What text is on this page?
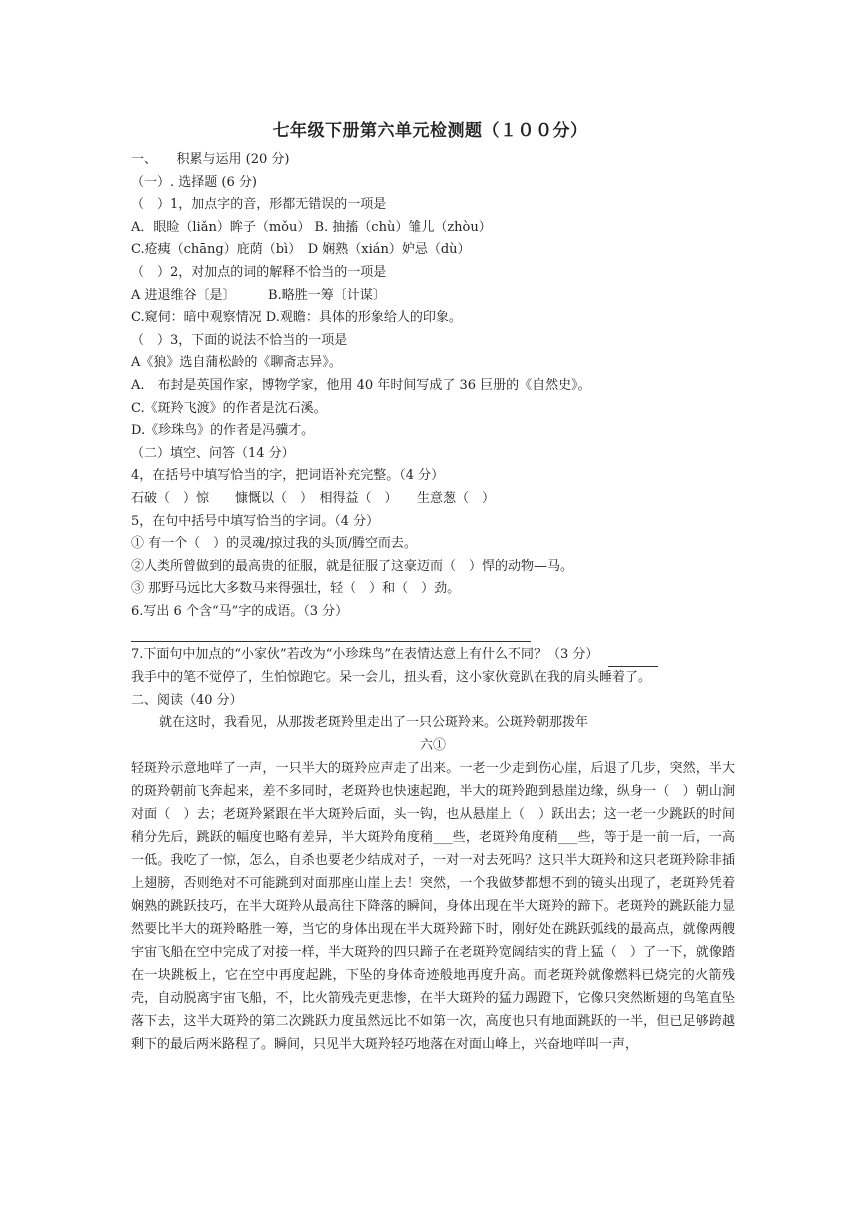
七年级下册第六单元检测题（１００分）
一、　　积累与运用 (20 分)
（一）. 选择题 (6 分)
（　）1，加点字的音，形都无错误的一项是
A．眼睑（liǎn）眸子（mǒu） B. 抽搐（chù）雏儿（zhòu）
C.疮痍（chāng）庇荫（bì）　D 娴熟（xián）妒忌（dù）
（　）2，对加点的词的解释不恰当的一项是
A 进退维谷〔是〕　　　B.略胜一筹〔计谋〕
C.窥伺：暗中观察情况 D.观瞻：具体的形象给人的印象。
（　）3，下面的说法不恰当的一项是
A《狼》选自蒲松龄的《聊斋志异》。
A.　布封是英国作家，博物学家，他用 40 年时间写成了 36 巨册的《自然史》。
C.《斑羚飞渡》的作者是沈石溪。
D.《珍珠鸟》的作者是冯骥才。
（二）填空、问答（14 分）
4，在括号中填写恰当的字，把词语补充完整。（4 分）
石破（　）惊　　慷慨以（　）　相得益（　）　　生意葱（　）
5，在句中括号中填写恰当的字词。（4 分）
① 有一个（　）的灵魂/掠过我的头顶/腾空而去。
②人类所曾做到的最高贵的征服，就是征服了这豪迈而（　）悍的动物—马。
③ 那野马远比大多数马来得强壮，轻（　）和（　）劲。
6.写出 6 个含“马”字的成语。（3 分）
7.下面句中加点的“小家伙”若改为“小珍珠鸟”在表情达意上有什么不同？（3 分）
我手中的笔不觉停了，生怕惊跑它。呆一会儿，扭头看，这小家伙竟趴在我的肩头睡着了。
二、阅读（40 分）
就在这时，我看见，从那拨老斑羚里走出了一只公斑羚来。公斑羚朝那拨年
六①
轻斑羚示意地咩了一声，一只半大的斑羚应声走了出来。一老一少走到伤心崖，后退了几步，突然，半大的斑羚朝前飞奔起来，差不多同时，老斑羚也快速起跑，半大的斑羚跑到悬崖边缘，纵身一（　）朝山涧对面（　）去；老斑羚紧跟在半大斑羚后面，头一钩，也从悬崖上（　）跃出去；这一老一少跳跃的时间稍分先后，跳跃的幅度也略有差异，半大斑羚角度稍___些，老斑羚角度稍___些，等于是一前一后，一高一低。我吃了一惊，怎么，自杀也要老少结成对子，一对一对去死吗？这只半大斑羚和这只老斑羚除非插上翅膀，否则绝对不可能跳到对面那座山崖上去！突然，一个我做梦都想不到的镜头出现了，老斑羚凭着娴熟的跳跃技巧，在半大斑羚从最高往下降落的瞬间，身体出现在半大斑羚的蹄下。老斑羚的跳跃能力显然要比半大的斑羚略胜一筹，当它的身体出现在半大斑羚蹄下时，刚好处在跳跃弧线的最高点，就像两艘宇宙飞船在空中完成了对接一样，半大斑羚的四只蹄子在老斑羚宽阔结实的背上猛（　）了一下，就像踏在一块跳板上，它在空中再度起跳，下坠的身体奇迹般地再度升高。而老斑羚就像燃料已烧完的火箭残壳，自动脱离宇宙飞船，不，比火箭残壳更悲惨，在半大斑羚的猛力踢蹬下，它像只突然断翅的鸟笔直坠落下去，这半大斑羚的第二次跳跃力度虽然远比不如第一次，高度也只有地面跳跃的一半，但已足够跨越剩下的最后两米路程了。瞬间，只见半大斑羚轻巧地落在对面山峰上，兴奋地咩叫一声，
